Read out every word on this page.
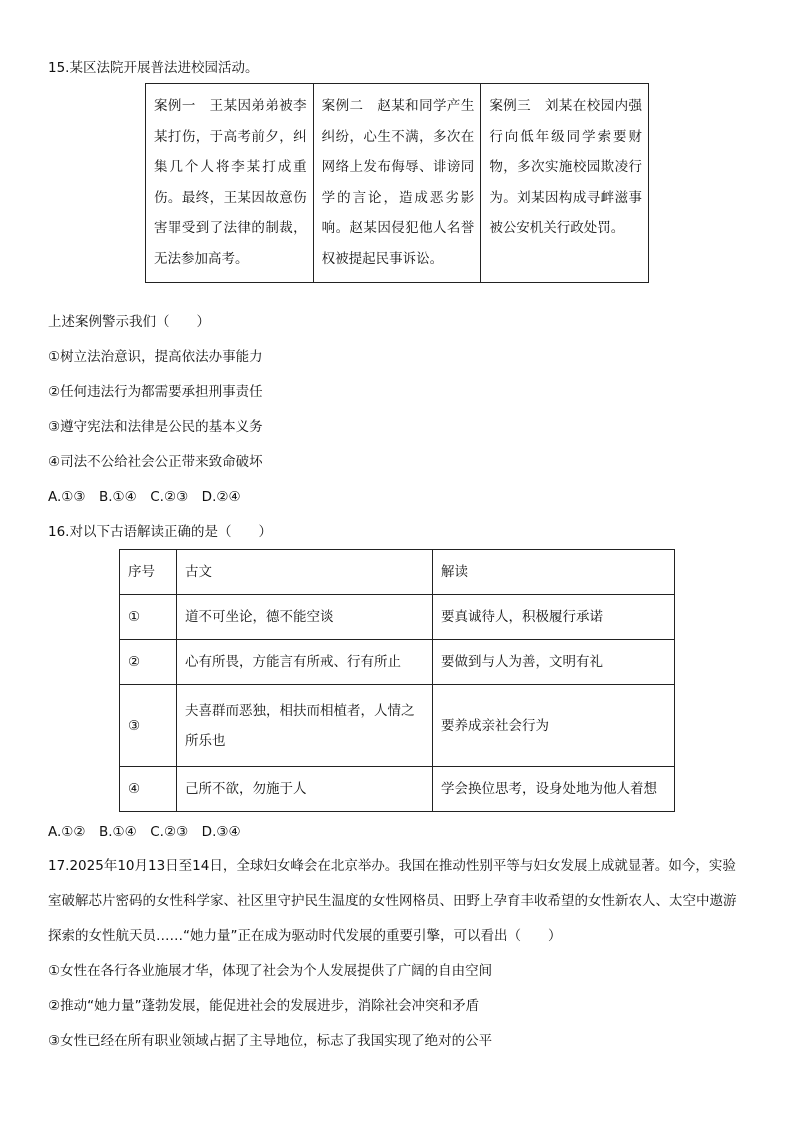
15.某区法院开展普法进校园活动。
案例一　 王某因弟弟被李某打伤，于高考前夕，纠集几个人将李某打成重伤。最终，王某因故意伤害罪受到了法律的制裁，无法参加高考。	案例二　 赵某和同学产生纠纷，心生不满，多次在网络上发布侮辱、诽谤同学的言论，造成恶劣影响。赵某因侵犯他人名誉权被提起民事诉讼。	案例三　 刘某在校园内强行向低年级同学索要财物，多次实施校园欺凌行为。刘某因构成寻衅滋事被公安机关行政处罚。
上述案例警示我们（　　）
①树立法治意识，提高依法办事能力
②任何违法行为都需要承担刑事责任
③遵守宪法和法律是公民的基本义务
④司法不公给社会公正带来致命破坏
A.①③　B.①④　C.②③　D.②④
16.对以下古语解读正确的是（　　）
序号	古文	解读
①	道不可坐论，德不能空谈	要真诚待人，积极履行承诺
②	心有所畏，方能言有所戒、行有所止	要做到与人为善，文明有礼
③	夫喜群而恶独，相扶而相植者，人情之所乐也	要养成亲社会行为
④	己所不欲，勿施于人	学会换位思考，设身处地为他人着想
A.①②　B.①④　C.②③　D.③④
17.2025年10月13日至14日，全球妇女峰会在北京举办。我国在推动性别平等与妇女发展上成就显著。如今，实验室破解芯片密码的女性科学家、社区里守护民生温度的女性网格员、田野上孕育丰收希望的女性新农人、太空中遨游探索的女性航天员……“她力量”正在成为驱动时代发展的重要引擎，可以看出（　　）
①女性在各行各业施展才华，体现了社会为个人发展提供了广阔的自由空间
②推动“她力量”蓬勃发展，能促进社会的发展进步，消除社会冲突和矛盾
③女性已经在所有职业领域占据了主导地位，标志了我国实现了绝对的公平
